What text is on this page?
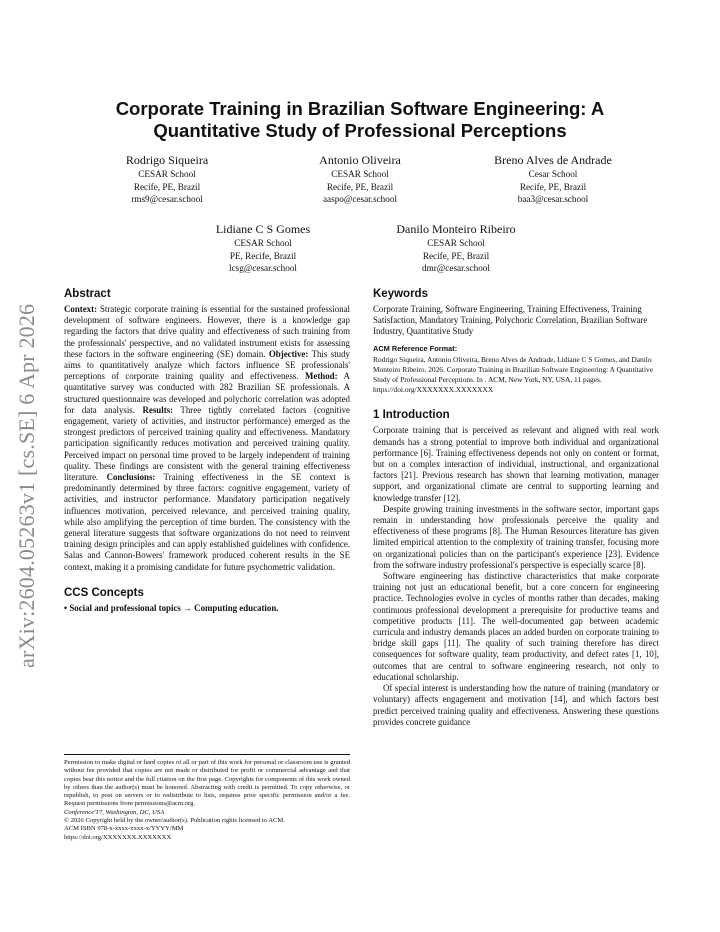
arXiv:2604.05263v1 [cs.SE] 6 Apr 2026
Corporate Training in Brazilian Software Engineering: A Quantitative Study of Professional Perceptions
Rodrigo Siqueira
CESAR School
Recife, PE, Brazil
rms9@cesar.school
Antonio Oliveira
CESAR School
Recife, PE, Brazil
aaspo@cesar.school
Breno Alves de Andrade
Cesar School
Recife, PE, Brazil
baa3@cesar.school
Lidiane C S Gomes
CESAR School
PE, Recife, Brazil
lcsg@cesar.school
Danilo Monteiro Ribeiro
CESAR School
Recife, PE, Brazil
dmr@cesar.school
Abstract

Context: Strategic corporate training is essential for the sustained professional development of software engineers. However, there is a knowledge gap regarding the factors that drive quality and effectiveness of such training from the professionals' perspective, and no validated instrument exists for assessing these factors in the software engineering (SE) domain. Objective: This study aims to quantitatively analyze which factors influence SE professionals' perceptions of corporate training quality and effectiveness. Method: A quantitative survey was conducted with 282 Brazilian SE professionals. A structured questionnaire was developed and polychoric correlation was adopted for data analysis. Results: Three tightly correlated factors (cognitive engagement, variety of activities, and instructor performance) emerged as the strongest predictors of perceived training quality and effectiveness. Mandatory participation significantly reduces motivation and perceived training quality. Perceived impact on personal time proved to be largely independent of training quality. These findings are consistent with the general training effectiveness literature. Conclusions: Training effectiveness in the SE context is predominantly determined by three factors: cognitive engagement, variety of activities, and instructor performance. Mandatory participation negatively influences motivation, perceived relevance, and perceived training quality, while also amplifying the perception of time burden. The consistency with the general literature suggests that software organizations do not need to reinvent training design principles and can apply established guidelines with confidence. Salas and Cannon-Bowers' framework produced coherent results in the SE context, making it a promising candidate for future psychometric validation.

CCS Concepts
• Social and professional topics → Computing education.

Permission to make digital or hard copies of all or part of this work for personal or classroom use is granted without fee provided that copies are not made or distributed for profit or commercial advantage and that copies bear this notice and the full citation on the first page. Copyrights for components of this work owned by others than the author(s) must be honored. Abstracting with credit is permitted. To copy otherwise, or republish, to post on servers or to redistribute to lists, requires prior specific permission and/or a fee. Request permissions from permissions@acm.org.

Conference'17, Washington, DC, USA

© 2026 Copyright held by the owner/author(s). Publication rights licensed to ACM.

ACM ISBN 978-x-xxxx-xxxx-x/YYYY/MM

https://doi.org/XXXXXXX.XXXXXXX

Keywords

Corporate Training, Software Engineering, Training Effectiveness, Training Satisfaction, Mandatory Training, Polychoric Correlation, Brazilian Software Industry, Quantitative Study

ACM Reference Format:

Rodrigo Siqueira, Antonio Oliveira, Breno Alves de Andrade, Lidiane C S Gomes, and Danilo Monteiro Ribeiro. 2026. Corporate Training in Brazilian Software Engineering: A Quantitative Study of Professional Perceptions. In . ACM, New York, NY, USA, 11 pages. https://doi.org/XXXXXXX.XXXXXXX

1 Introduction

Corporate training that is perceived as relevant and aligned with real work demands has a strong potential to improve both individual and organizational performance [6]. Training effectiveness depends not only on content or format, but on a complex interaction of individual, instructional, and organizational factors [21]. Previous research has shown that learning motivation, manager support, and organizational climate are central to supporting learning and knowledge transfer [12].

Despite growing training investments in the software sector, important gaps remain in understanding how professionals perceive the quality and effectiveness of these programs [8]. The Human Resources literature has given limited empirical attention to the complexity of training transfer, focusing more on organizational policies than on the participant's experience [23]. Evidence from the software industry professional's perspective is especially scarce [8].

Software engineering has distinctive characteristics that make corporate training not just an educational benefit, but a core concern for engineering practice. Technologies evolve in cycles of months rather than decades, making continuous professional development a prerequisite for productive teams and competitive products [11]. The well-documented gap between academic curricula and industry demands places an added burden on corporate training to bridge skill gaps [11]. The quality of such training therefore has direct consequences for software quality, team productivity, and defect rates [1, 10], outcomes that are central to software engineering research, not only to educational scholarship.

Of special interest is understanding how the nature of training (mandatory or voluntary) affects engagement and motivation [14], and which factors best predict perceived training quality and effectiveness. Answering these questions provides concrete guidance
